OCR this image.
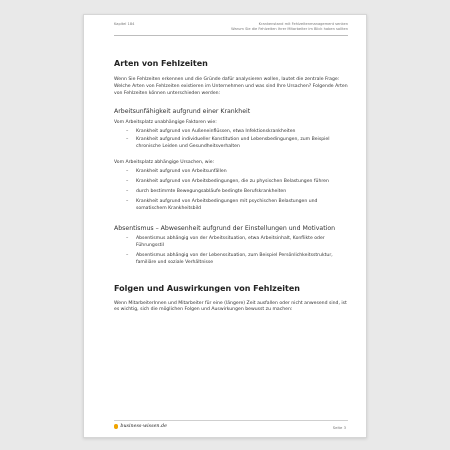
Kapitel 184	Krankenstand mit Fehlzeitenmanagement senken
Warum Sie die Fehlzeiten Ihrer Mitarbeiter im Blick haben sollten
Arten von Fehlzeiten

Wenn Sie Fehlzeiten erkennen und die Gründe dafür analysieren wollen, lautet die zentrale Frage: Welche Arten von Fehlzeiten existieren im Unternehmen und was sind Ihre Ursachen? Folgende Arten von Fehlzeiten können unterschieden werden:

Arbeitsunfähigkeit aufgrund einer Krankheit

Vom Arbeitsplatz unabhängige Faktoren wie:

– Krankheit aufgrund von Außeneinflüssen, etwa Infektionskrankheiten
– Krankheit aufgrund individueller Konstitution und Lebensbedingungen, zum Beispiel chronische Leiden und Gesundheitsverhalten

Vom Arbeitsplatz abhängige Ursachen, wie:

– Krankheit aufgrund von Arbeitsunfällen
– Krankheit aufgrund von Arbeitsbedingungen, die zu physischen Belastungen führen
– durch bestimmte Bewegungsabläufe bedingte Berufskrankheiten
– Krankheit aufgrund von Arbeitsbedingungen mit psychischen Belastungen und somatischem Krankheitsbild
Absentismus – Abwesenheit aufgrund der Einstellungen und Motivation
– Absentismus abhängig von der Arbeitssituation, etwa Arbeitsinhalt, Konflikte oder Führungsstil
– Absentismus abhängig von der Lebenssituation, zum Beispiel Persönlichkeitsstruktur, familiäre und soziale Verhältnisse
Folgen und Auswirkungen von Fehlzeiten

Wenn MitarbeiterInnen und Mitarbeiter für eine (längere) Zeit ausfallen oder nicht anwesend sind, ist es wichtig, sich die möglichen Folgen und Auswirkungen bewusst zu machen:

business-wissen.de	Seite 3
